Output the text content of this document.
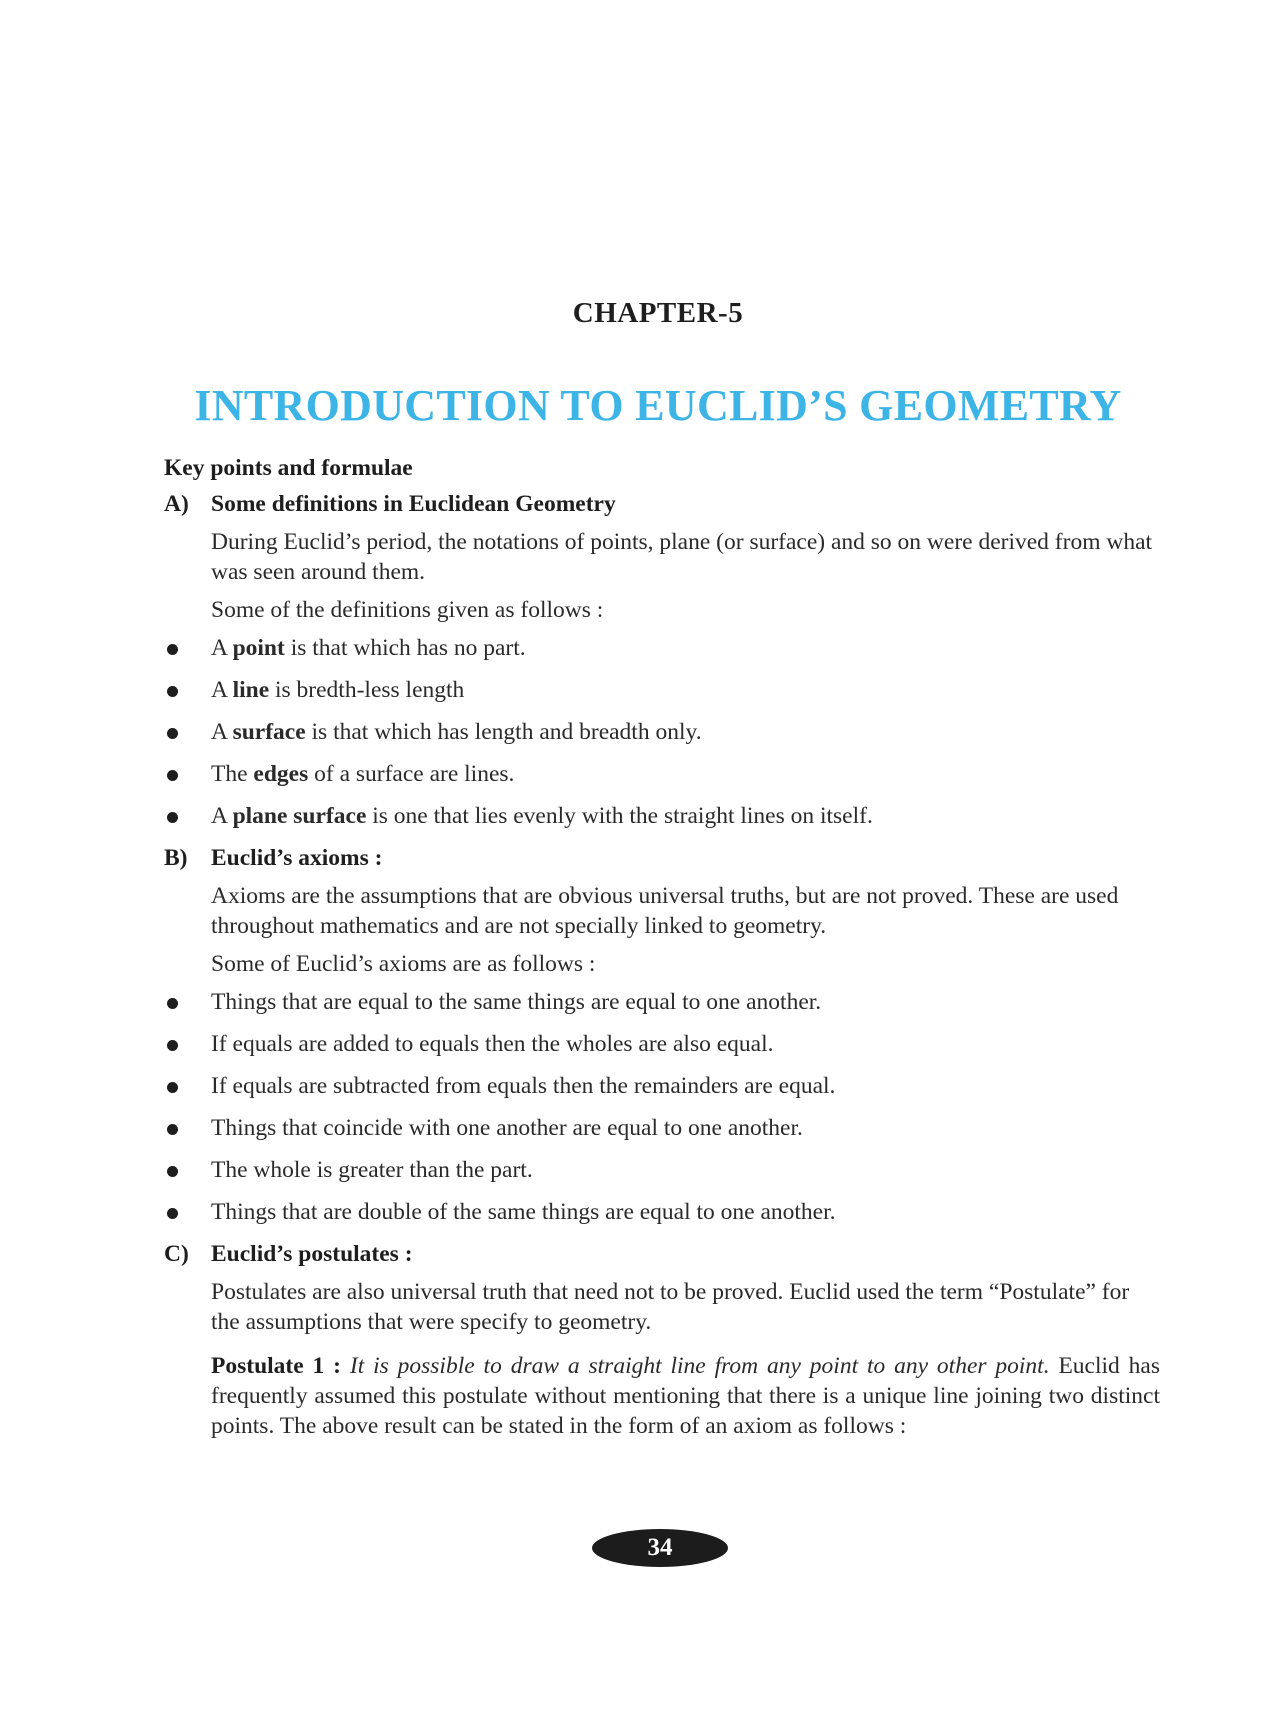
CHAPTER-5
INTRODUCTION TO EUCLID’S GEOMETRY
Key points and formulae
A) Some definitions in Euclidean Geometry

During Euclid’s period, the notations of points, plane (or surface) and so on were derived from what was seen around them.

Some of the definitions given as follows :

A point is that which has no part.
A line is bredth-less length
A surface is that which has length and breadth only.
The edges of a surface are lines.
A plane surface is one that lies evenly with the straight lines on itself.
B)	Euclid’s axioms :

Axioms are the assumptions that are obvious universal truths, but are not proved. These are used throughout mathematics and are not specially linked to geometry.

Some of Euclid’s axioms are as follows :

Things that are equal to the same things are equal to one another.
If equals are added to equals then the wholes are also equal.
If equals are subtracted from equals then the remainders are equal.
Things that coincide with one another are equal to one another.
The whole is greater than the part.
Things that are double of the same things are equal to one another.
C) Euclid’s postulates :

Postulates are also universal truth that need not to be proved. Euclid used the term “Postulate” for the assumptions that were specify to geometry.

Postulate 1 : It is possible to draw a straight line from any point to any other point. Euclid has frequently assumed this postulate without mentioning that there is a unique line joining two distinct points. The above result can be stated in the form of an axiom as follows :

34
